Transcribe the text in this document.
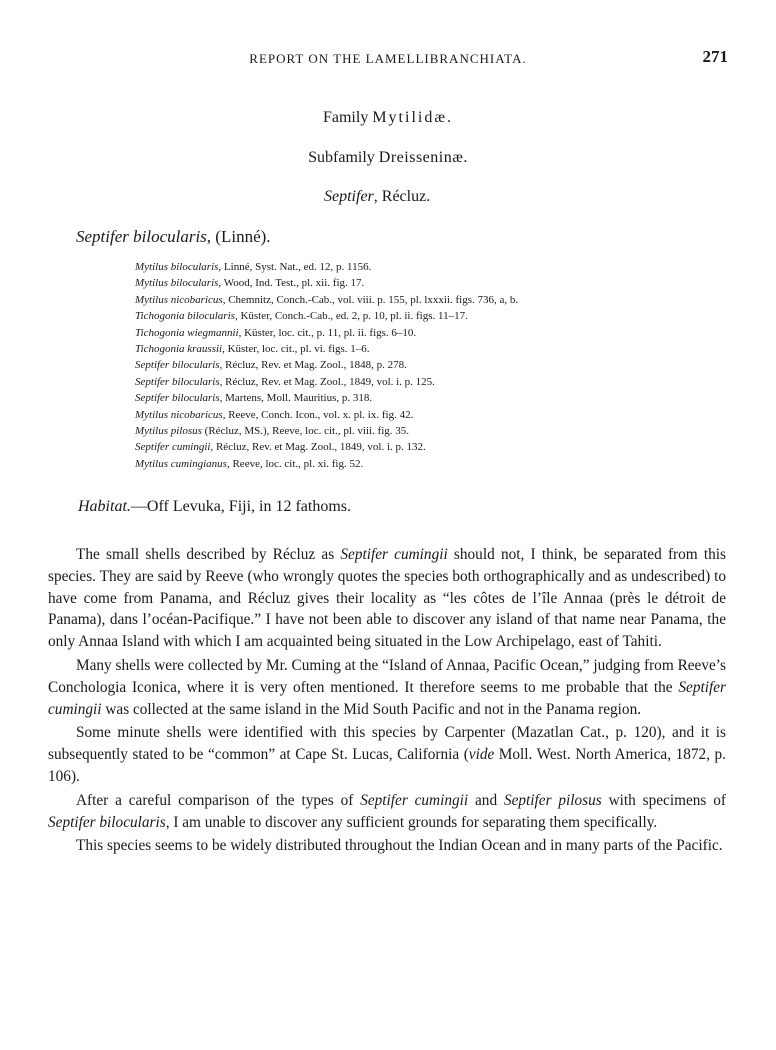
REPORT ON THE LAMELLIBRANCHIATA.	271
Family Mytilidæ.
Subfamily Dreisseninæ.
Septifer, Récluz.
Septifer bilocularis, (Linné).
Mytilus bilocularis, Linné, Syst. Nat., ed. 12, p. 1156.
Mytilus bilocularis, Wood, Ind. Test., pl. xii. fig. 17.
Mytilus nicobaricus, Chemnitz, Conch.-Cab., vol. viii. p. 155, pl. lxxxii. figs. 736, a, b.
Tichogonia bilocularis, Küster, Conch.-Cab., ed. 2, p. 10, pl. ii. figs. 11–17.
Tichogonia wiegmannii, Küster, loc. cit., p. 11, pl. ii. figs. 6–10.
Tichogonia kraussii, Küster, loc. cit., pl. vi. figs. 1–6.
Septifer bilocularis, Récluz, Rev. et Mag. Zool., 1848, p. 278.
Septifer bilocularis, Récluz, Rev. et Mag. Zool., 1849, vol. i. p. 125.
Septifer bilocularis, Martens, Moll. Mauritius, p. 318.
Mytilus nicobaricus, Reeve, Conch. Icon., vol. x. pl. ix. fig. 42.
Mytilus pilosus (Récluz, MS.), Reeve, loc. cit., pl. viii. fig. 35.
Septifer cumingii, Récluz, Rev. et Mag. Zool., 1849, vol. i. p. 132.
Mytilus cumingianus, Reeve, loc. cit., pl. xi. fig. 52.
Habitat.—Off Levuka, Fiji, in 12 fathoms.

The small shells described by Récluz as Septifer cumingii should not, I think, be separated from this species. They are said by Reeve (who wrongly quotes the species both orthographically and as undescribed) to have come from Panama, and Récluz gives their locality as “les côtes de l’île Annaa (près le détroit de Panama), dans l’océan-Pacifique.” I have not been able to discover any island of that name near Panama, the only Annaa Island with which I am acquainted being situated in the Low Archipelago, east of Tahiti.

Many shells were collected by Mr. Cuming at the “Island of Annaa, Pacific Ocean,” judging from Reeve’s Conchologia Iconica, where it is very often mentioned. It therefore seems to me probable that the Septifer cumingii was collected at the same island in the Mid South Pacific and not in the Panama region.

Some minute shells were identified with this species by Carpenter (Mazatlan Cat., p. 120), and it is subsequently stated to be “common” at Cape St. Lucas, California (vide Moll. West. North America, 1872, p. 106).

After a careful comparison of the types of Septifer cumingii and Septifer pilosus with specimens of Septifer bilocularis, I am unable to discover any sufficient grounds for separating them specifically.

This species seems to be widely distributed throughout the Indian Ocean and in many parts of the Pacific.
